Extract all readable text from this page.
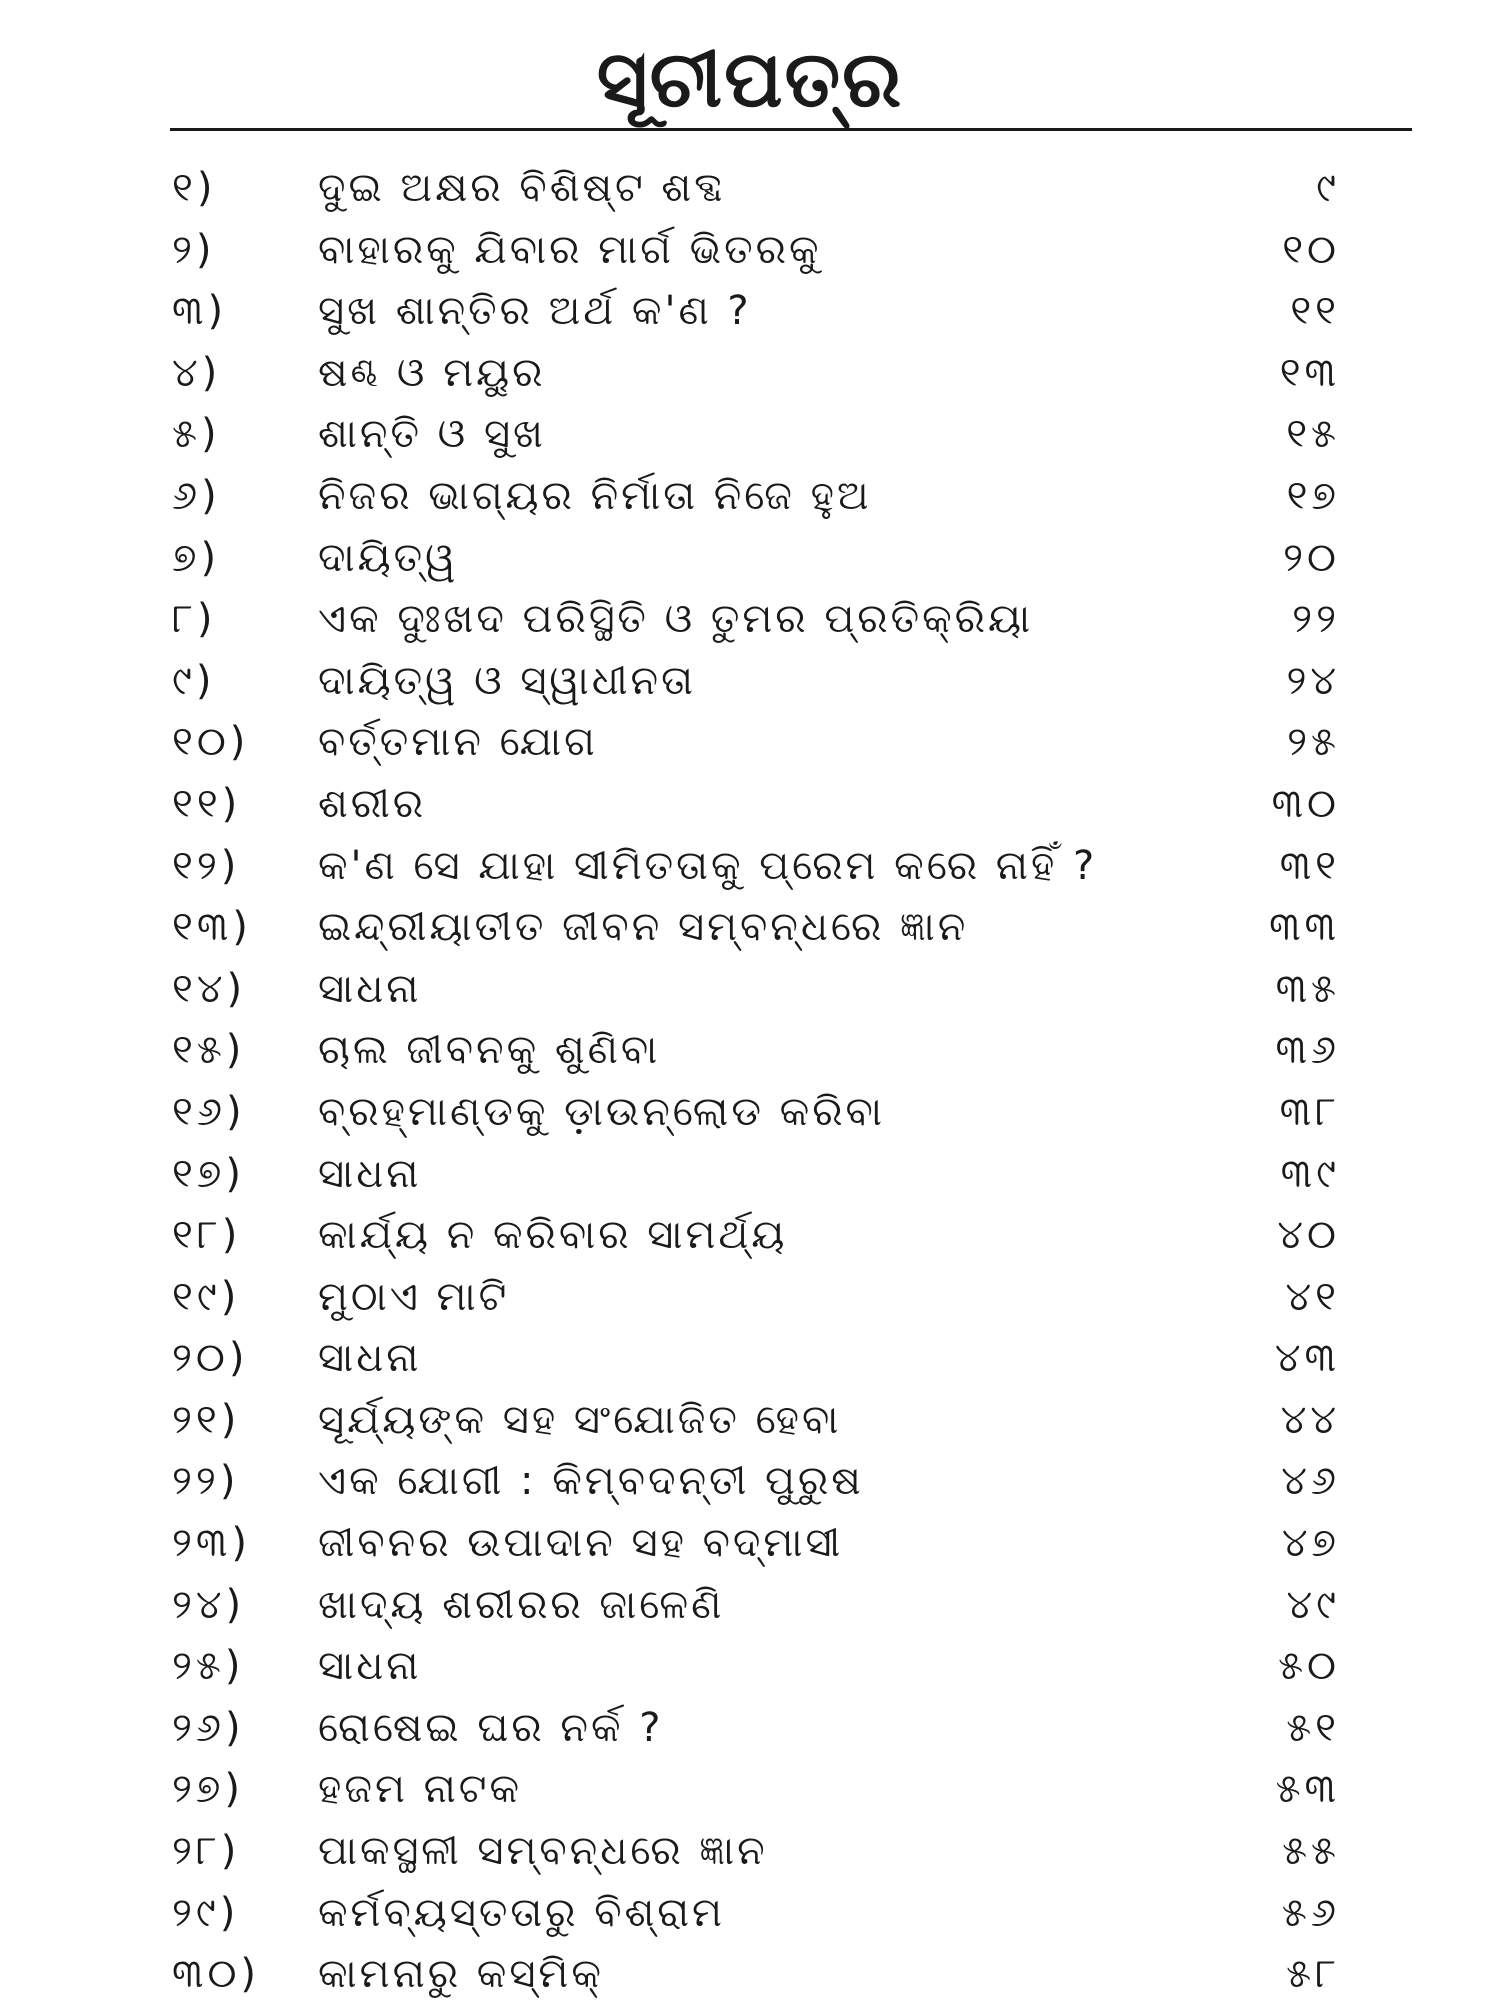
ସୂଚୀପତ୍ର
୧)	ଦୁଇ ଅକ୍ଷର ବିଶିଷ୍ଟ ଶବ୍ଦ	୯
୨)	ବାହାରକୁ ଯିବାର ମାର୍ଗ ଭିତରକୁ	୧୦
୩) ସୁଖ ଶାନ୍ତିର ଅର୍ଥ କ'ଣ ?	୧୧
୪) ଷଣ୍ଢ ଓ ମୟୁର	୧୩
୫) ଶାନ୍ତି ଓ ସୁଖ	୧୫
୬) ନିଜର ଭାଗ୍ୟର ନିର୍ମାତା ନିଜେ ହୁଅ	୧୭
୭) ଦାୟିତ୍ୱ	୨୦
୮)	ଏକ ଦୁଃଖଦ ପରିସ୍ଥିତି ଓ ତୁମର ପ୍ରତିକ୍ରିୟା	୨୨
୯)	ଦାୟିତ୍ୱ ଓ ସ୍ୱାଧୀନତା	୨୪
୧୦) ବର୍ତ୍ତମାନ ଯୋଗ	୨୫
୧୧) ଶରୀର	୩୦
୧୨) କ'ଣ ସେ ଯାହା ସୀମିତତାକୁ ପ୍ରେମ କରେ ନାହିଁ ?	୩୧
୧୩) ଇନ୍ଦ୍ରୀୟାତୀତ ଜୀବନ ସମ୍ବନ୍ଧରେ ଜ୍ଞାନ	୩୩
୧୪) ସାଧନା	୩୫
୧୫) ଚାଲ ଜୀବନକୁ ଶୁଣିବା	୩୬
୧୬) ବ୍ରହ୍ମାଣ୍ଡକୁ ଡ଼ାଉନ୍‌ଲୋଡ କରିବା	୩୮
୧୭) ସାଧନା	୩୯
୧୮) କାର୍ଯ୍ୟ ନ କରିବାର ସାମର୍ଥ୍ୟ	୪୦
୧୯) ମୁଠାଏ ମାଟି	୪୧
୨୦) ସାଧନା	୪୩
୨୧) ସୂର୍ଯ୍ୟଙ୍କ ସହ ସଂଯୋଜିତ ହେବା	୪୪
୨୨) ଏକ ଯୋଗୀ : କିମ୍ବଦନ୍ତୀ ପୁରୁଷ	୪୬
୨୩) ଜୀବନର ଉପାଦାନ ସହ ବଦ୍‌ମାସୀ	୪୭
୨୪) ଖାଦ୍ୟ ଶରୀରର ଜାଳେଣି	୪୯
୨୫) ସାଧନା	୫୦
୨୬) ରୋଷେଇ ଘର ନର୍କ ?	୫୧
୨୭) ହଜମ ନାଟକ	୫୩
୨୮) ପାକସ୍ଥଳୀ ସମ୍ବନ୍ଧରେ ଜ୍ଞାନ	୫୫
୨୯) କର୍ମବ୍ୟସ୍ତତାରୁ ବିଶ୍ରାମ	୫୬
୩୦) କାମନାରୁ କସ୍‌ମିକ୍	୫୮
